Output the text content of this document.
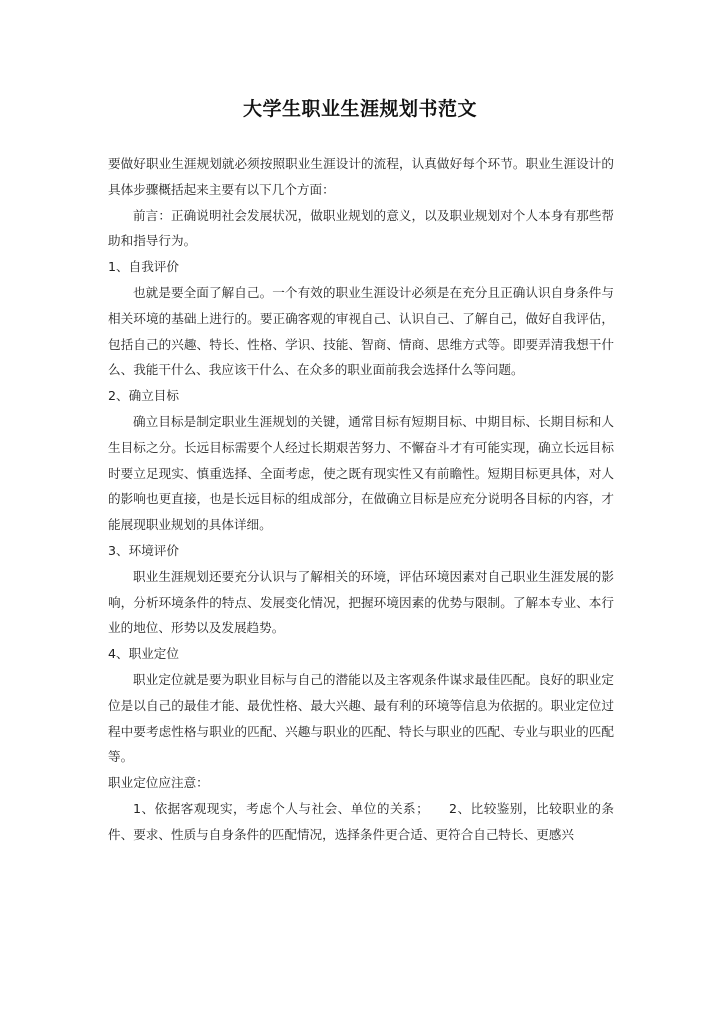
大学生职业生涯规划书范文

要做好职业生涯规划就必须按照职业生涯设计的流程，认真做好每个环节。职业生涯设计的具体步骤概括起来主要有以下几个方面：

前言：正确说明社会发展状况，做职业规划的意义，以及职业规划对个人本身有那些帮助和指导行为。

1、自我评价

也就是要全面了解自己。一个有效的职业生涯设计必须是在充分且正确认识自身条件与相关环境的基础上进行的。要正确客观的审视自己、认识自己、了解自己，做好自我评估，包括自己的兴趣、特长、性格、学识、技能、智商、情商、思维方式等。即要弄清我想干什么、我能干什么、我应该干什么、在众多的职业面前我会选择什么等问题。

2、确立目标

确立目标是制定职业生涯规划的关键，通常目标有短期目标、中期目标、长期目标和人生目标之分。长远目标需要个人经过长期艰苦努力、不懈奋斗才有可能实现，确立长远目标时要立足现实、慎重选择、全面考虑，使之既有现实性又有前瞻性。短期目标更具体，对人的影响也更直接，也是长远目标的组成部分，在做确立目标是应充分说明各目标的内容，才能展现职业规划的具体详细。

3、环境评价

职业生涯规划还要充分认识与了解相关的环境，评估环境因素对自己职业生涯发展的影响，分析环境条件的特点、发展变化情况，把握环境因素的优势与限制。了解本专业、本行业的地位、形势以及发展趋势。

4、职业定位

职业定位就是要为职业目标与自己的潜能以及主客观条件谋求最佳匹配。良好的职业定位是以自己的最佳才能、最优性格、最大兴趣、最有利的环境等信息为依据的。职业定位过程中要考虑性格与职业的匹配、兴趣与职业的匹配、特长与职业的匹配、专业与职业的匹配等。

职业定位应注意：

1、依据客观现实，考虑个人与社会、单位的关系；　　2、比较鉴别，比较职业的条件、要求、性质与自身条件的匹配情况，选择条件更合适、更符合自己特长、更感兴
